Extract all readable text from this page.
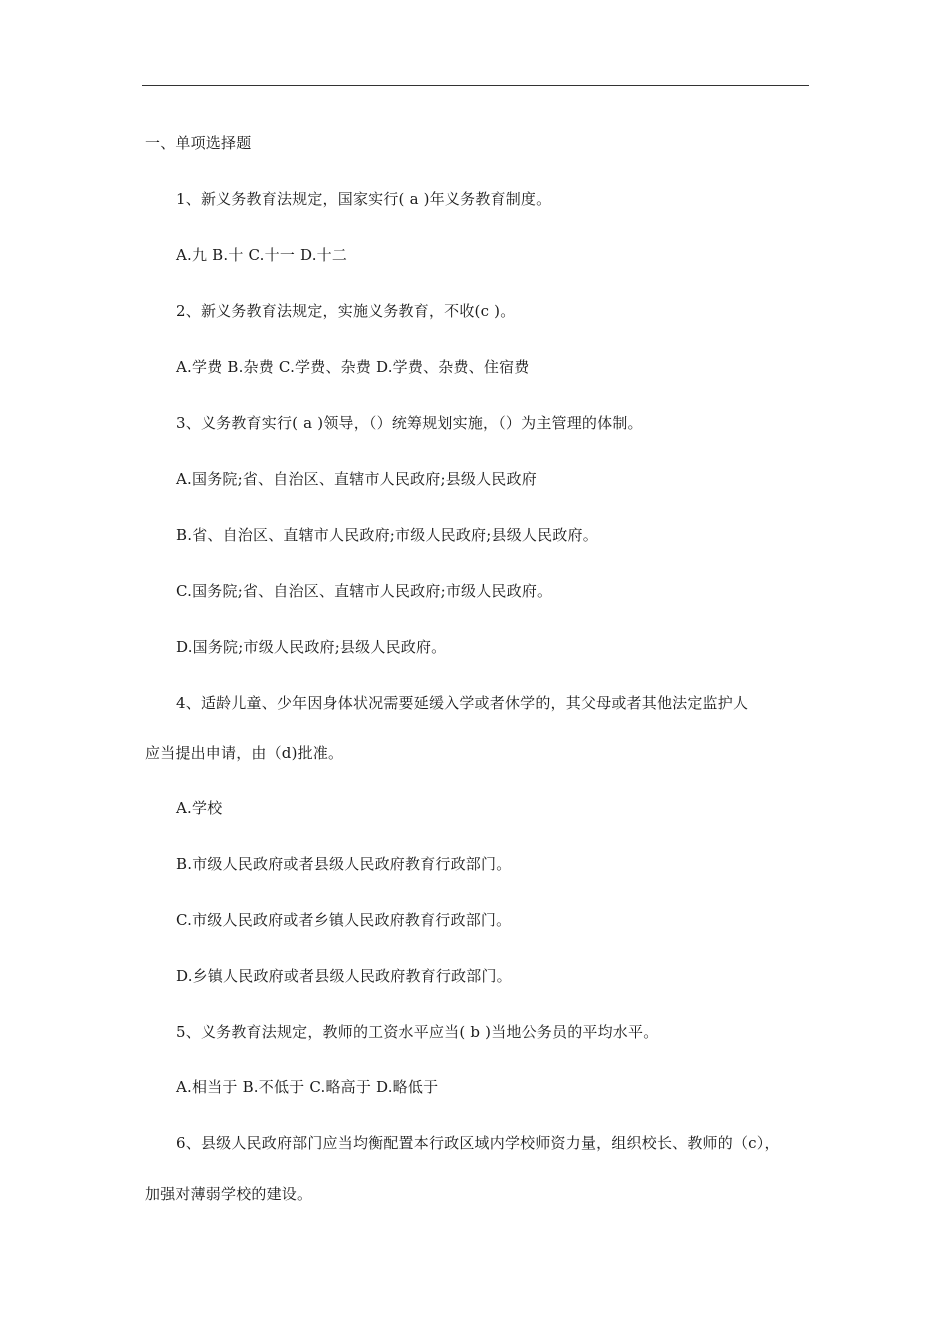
一、单项选择题
1、新义务教育法规定，国家实行( a )年义务教育制度。
A.九 B.十 C.十一 D.十二
2、新义务教育法规定，实施义务教育，不收(c )。
A.学费 B.杂费 C.学费、杂费 D.学费、杂费、住宿费
3、义务教育实行( a )领导，（）统筹规划实施，（）为主管理的体制。
A.国务院;省、自治区、直辖市人民政府;县级人民政府
B.省、自治区、直辖市人民政府;市级人民政府;县级人民政府。
C.国务院;省、自治区、直辖市人民政府;市级人民政府。
D.国务院;市级人民政府;县级人民政府。
4、适龄儿童、少年因身体状况需要延缓入学或者休学的，其父母或者其他法定监护人
应当提出申请，由（d)批准。
A.学校
B.市级人民政府或者县级人民政府教育行政部门。
C.市级人民政府或者乡镇人民政府教育行政部门。
D.乡镇人民政府或者县级人民政府教育行政部门。
5、义务教育法规定，教师的工资水平应当( b )当地公务员的平均水平。
A.相当于 B.不低于 C.略高于 D.略低于
6、县级人民政府部门应当均衡配置本行政区域内学校师资力量，组织校长、教师的（c），
加强对薄弱学校的建设。
